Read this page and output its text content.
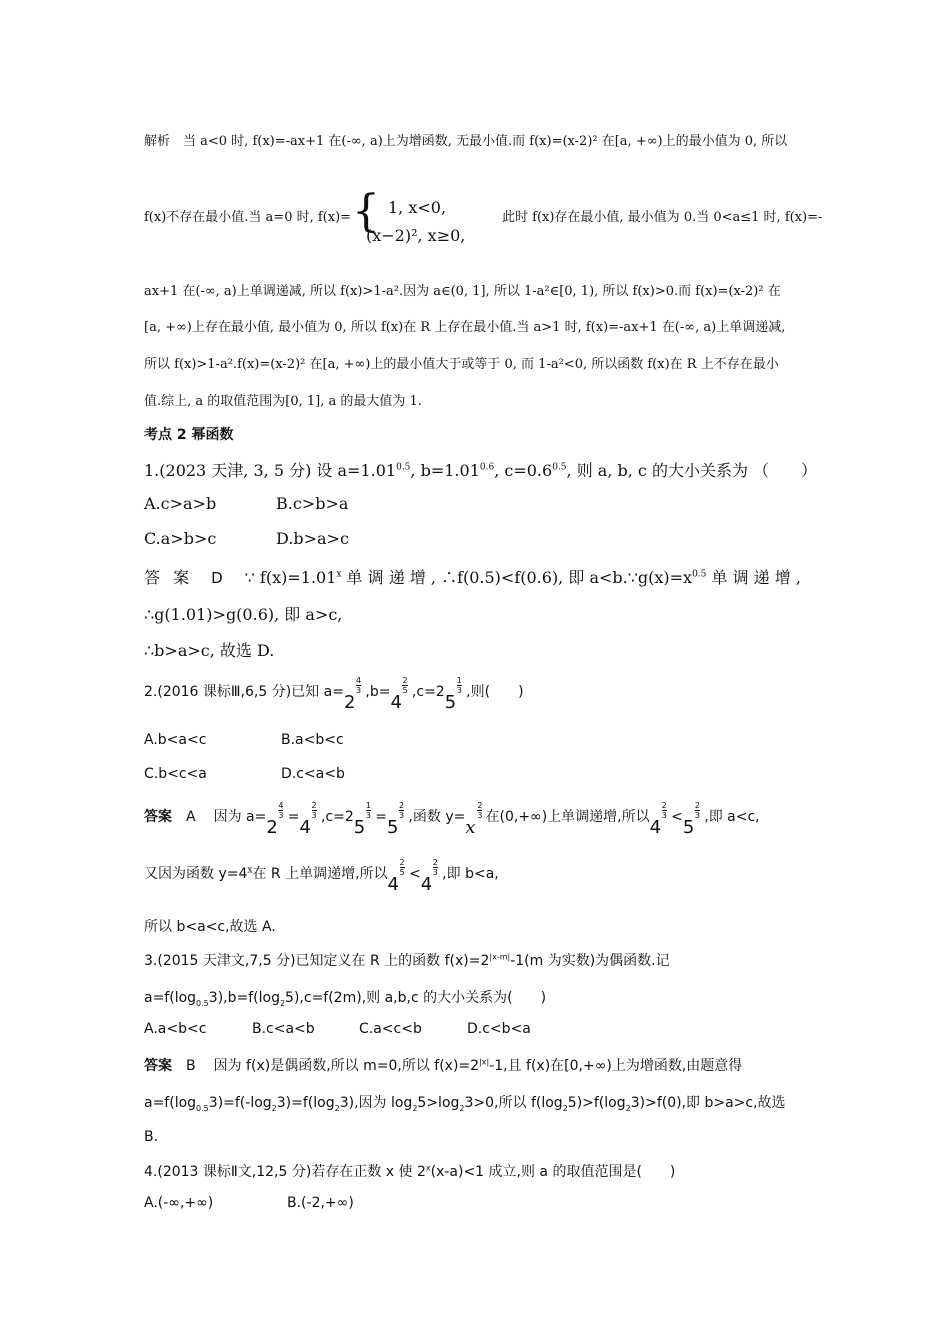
解析　当 a<0 时, f(x)=-ax+1 在(-∞, a)上为增函数, 无最小值.而 f(x)=(x-2)² 在[a, +∞)上的最小值为 0, 所以
f(x)不存在最小值.当 a=0 时, f(x)= { 1, x<0,
(x−2)², x≥0,
此时 f(x)存在最小值, 最小值为 0.当 0<a≤1 时, f(x)=-
ax+1 在(-∞, a)上单调递减, 所以 f(x)>1-a².因为 a∈(0, 1], 所以 1-a²∈[0, 1), 所以 f(x)>0.而 f(x)=(x-2)² 在
[a, +∞)上存在最小值, 最小值为 0, 所以 f(x)在 R 上存在最小值.当 a>1 时, f(x)=-ax+1 在(-∞, a)上单调递减,
所以 f(x)>1-a².f(x)=(x-2)² 在[a, +∞)上的最小值大于或等于 0, 而 1-a²<0, 所以函数 f(x)在 R 上不存在最小
值.综上, a 的取值范围为[0, 1], a 的最大值为 1.
考点 2 幂函数
1.(2023 天津, 3, 5 分) 设 $a=1.01^{0.5}$, $b=1.01^{0.6}$, $c=0.6^{0.5}$, 则 a, b, c 的大小关系为 （　　）
A.c>a>b	B.c>b>a
C.a>b>c	D.b>a>c
答 案 D ∵ $f(x)=1.01^x$ 单 调 递 增 , ∴f(0.5)<f(0.6), 即 $a<b.\because g(x)=x^{0.5}$ 单 调 递 增 ,
∴g(1.01)>g(0.6), 即 a>c,
∴b>a>c, 故选 D.
2.(2016 课标Ⅲ,6,5 分)已知 a=2
$\frac{4}{3} ,b=4$
$\frac{2}{5} ,c=25$
$\frac{1}{3}$ ,则(　　)
A.b<a<c	B.a<b<c
C.b<c<a	D.c<a<b
答案 A 因为 a=2
$\frac{4}{3} =4$
$\frac{2}{3} ,c=25$
$\frac{1}{3} =5$
$\frac{2}{3}$ ,函数 y=x
$\frac{2}{3}$ 在(0,+∞)上单调递增,所以4
$\frac{2}{3} <5$
$\frac{2}{3}$ ,即 a<c,
又因为函数 $y=4^x$在 R 上单调递增,所以4
$\frac{2}{5} <4$
$\frac{2}{3}$ ,即 b<a,
所以 b<a<c,故选 A.
3.(2015 天津文,7,5 分)已知定义在 R 上的函数 $f(x)=2^{|x-m|}-1(m$ 为实数)为偶函数.记
$a=f(\log_{0.5}3),b=f(\log_25),c=f(2m)$,则 a,b,c 的大小关系为(　　)
A.a<b<c	B.c<a<b	C.a<c<b	D.c<b<a
答案 B 因为 f(x)是偶函数,所以 m=0,所以 $f(x)=2^{|x|}-1$,且 f(x)在[0,+∞)上为增函数,由题意得
$a=f(\log_{0.5}3)=f(-\log_23)=f(\log_23)$,因为 $\log_25>\log_23>0$,所以 $f(\log_25)>f(\log_23)>f(0)$,即 b>a>c,故选
B.
4.(2013 课标Ⅱ文,12,5 分)若存在正数 x 使 $2^x(x-a)<1$ 成立,则 a 的取值范围是(　　)
A.(-∞,+∞)	B.(-2,+∞)
